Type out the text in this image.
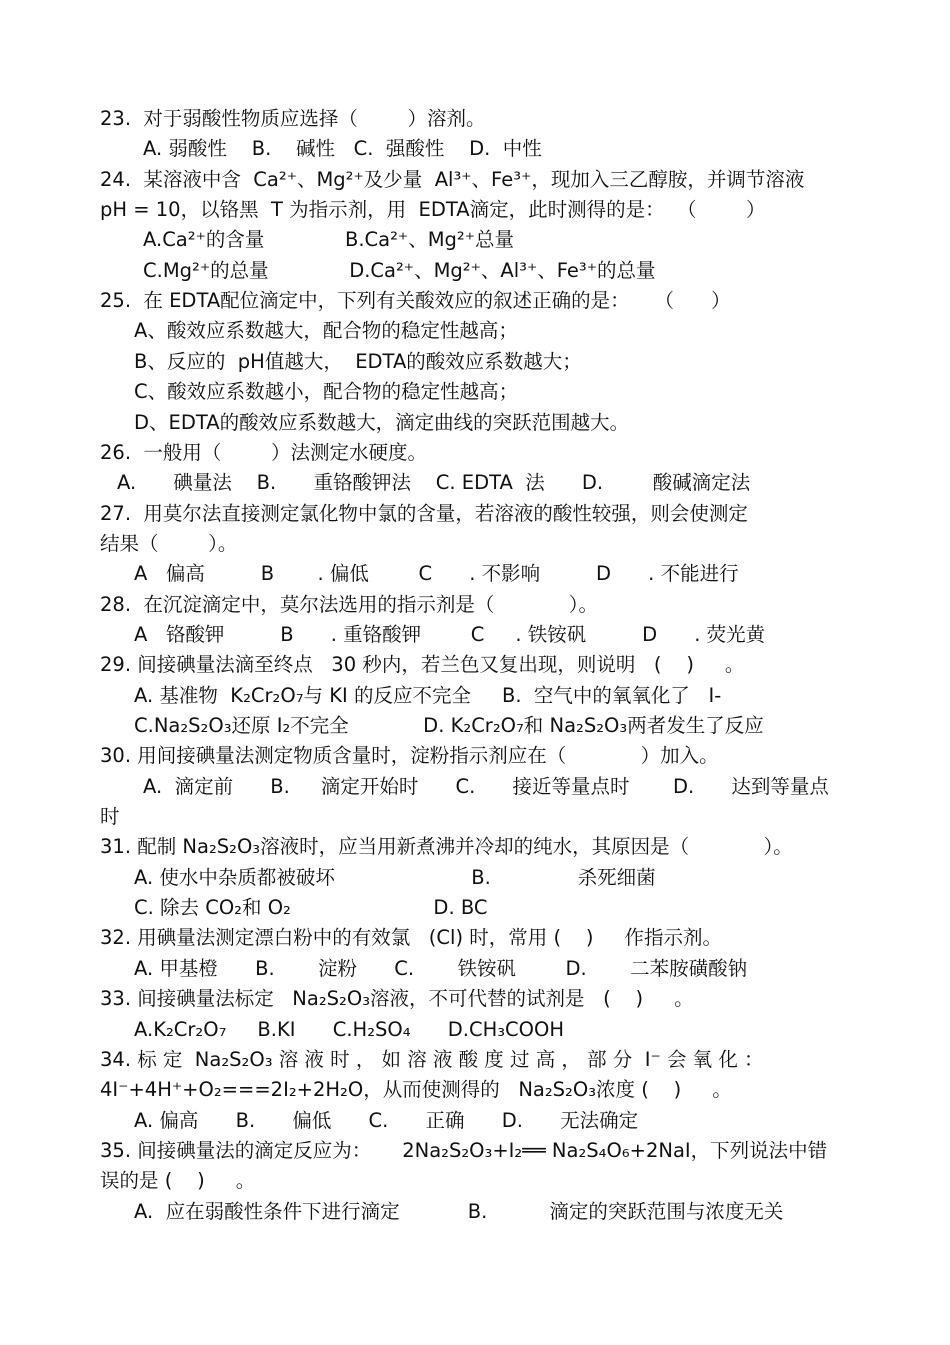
23.  对于弱酸性物质应选择（        ）溶剂。
A. 弱酸性    B.    碱性   C.  强酸性    D.  中性
24.  某溶液中含  Ca²⁺、Mg²⁺及少量  Al³⁺、Fe³⁺，现加入三乙醇胺，并调节溶液
pH = 10，以铬黑  T 为指示剂，用  EDTA滴定，此时测得的是：  （        ）
A.Ca²⁺的含量             B.Ca²⁺、Mg²⁺总量
C.Mg²⁺的总量             D.Ca²⁺、Mg²⁺、Al³⁺、Fe³⁺的总量
25.  在 EDTA配位滴定中，下列有关酸效应的叙述正确的是：    （      ）
A、酸效应系数越大，配合物的稳定性越高；
B、反应的  pH值越大，  EDTA的酸效应系数越大；
C、酸效应系数越小，配合物的稳定性越高；
D、EDTA的酸效应系数越大，滴定曲线的突跃范围越大。
26.  一般用（        ）法测定水硬度。
A.      碘量法    B.      重铬酸钾法    C. EDTA  法      D.        酸碱滴定法
27.  用莫尔法直接测定氯化物中氯的含量，若溶液的酸性较强，则会使测定
结果（        ）。
A   偏高         B       . 偏低        C      . 不影响         D      . 不能进行
28.  在沉淀滴定中，莫尔法选用的指示剂是（            ）。
A   铬酸钾         B      . 重铬酸钾        C     . 铁铵矾         D      . 荧光黄
29. 间接碘量法滴至终点   30 秒内，若兰色又复出现，则说明   (    )     。
A. 基准物  K₂Cr₂O₇与 KI 的反应不完全     B.  空气中的氧氧化了   I-
C.Na₂S₂O₃还原 I₂不完全            D. K₂Cr₂O₇和 Na₂S₂O₃两者发生了反应
30. 用间接碘量法测定物质含量时，淀粉指示剂应在（            ）加入。
A.  滴定前      B.     滴定开始时      C.      接近等量点时       D.      达到等量点
时
31. 配制 Na₂S₂O₃溶液时，应当用新煮沸并冷却的纯水，其原因是（            ）。
A. 使水中杂质都被破坏                      B.              杀死细菌
C. 除去 CO₂和 O₂                       D. BC
32. 用碘量法测定漂白粉中的有效氯   (Cl) 时，常用 (    )     作指示剂。
A. 甲基橙      B.       淀粉      C.       铁铵矾        D.       二苯胺磺酸钠
33. 间接碘量法标定   Na₂S₂O₃溶液，不可代替的试剂是   (    )     。
A.K₂Cr₂O₇     B.KI      C.H₂SO₄      D.CH₃COOH
34. 标 定  Na₂S₂O₃ 溶 液 时 ， 如 溶 液 酸 度 过 高 ， 部 分  I⁻ 会 氧 化 ：
4I⁻+4H⁺+O₂===2I₂+2H₂O，从而使测得的   Na₂S₂O₃浓度 (    )     。
A. 偏高      B.      偏低      C.      正确      D.      无法确定
35. 间接碘量法的滴定反应为：     2Na₂S₂O₃+I₂══ Na₂S₄O₆+2NaI，下列说法中错
误的是 (    )     。
A.  应在弱酸性条件下进行滴定           B.          滴定的突跃范围与浓度无关
